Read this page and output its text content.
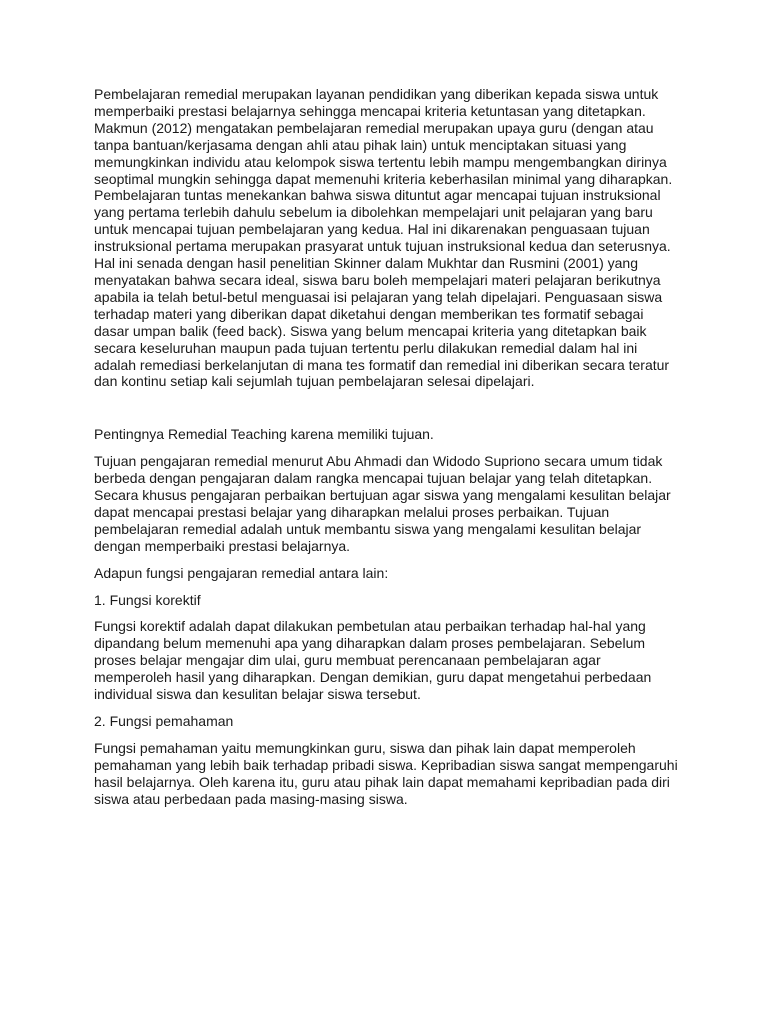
Pembelajaran remedial merupakan layanan pendidikan yang diberikan kepada siswa untuk memperbaiki prestasi belajarnya sehingga mencapai kriteria ketuntasan yang ditetapkan. Makmun (2012) mengatakan pembelajaran remedial merupakan upaya guru (dengan atau tanpa bantuan/kerjasama dengan ahli atau pihak lain) untuk menciptakan situasi yang memungkinkan individu atau kelompok siswa tertentu lebih mampu mengembangkan dirinya seoptimal mungkin sehingga dapat memenuhi kriteria keberhasilan minimal yang diharapkan. Pembelajaran tuntas menekankan bahwa siswa dituntut agar mencapai tujuan instruksional yang pertama terlebih dahulu sebelum ia dibolehkan mempelajari unit pelajaran yang baru untuk mencapai tujuan pembelajaran yang kedua. Hal ini dikarenakan penguasaan tujuan instruksional pertama merupakan prasyarat untuk tujuan instruksional kedua dan seterusnya. Hal ini senada dengan hasil penelitian Skinner dalam Mukhtar dan Rusmini (2001) yang menyatakan bahwa secara ideal, siswa baru boleh mempelajari materi pelajaran berikutnya apabila ia telah betul-betul menguasai isi pelajaran yang telah dipelajari. Penguasaan siswa terhadap materi yang diberikan dapat diketahui dengan memberikan tes formatif sebagai dasar umpan balik (feed back). Siswa yang belum mencapai kriteria yang ditetapkan baik secara keseluruhan maupun pada tujuan tertentu perlu dilakukan remedial dalam hal ini adalah remediasi berkelanjutan di mana tes formatif dan remedial ini diberikan secara teratur dan kontinu setiap kali sejumlah tujuan pembelajaran selesai dipelajari.

Pentingnya Remedial Teaching karena memiliki tujuan.

Tujuan pengajaran remedial menurut Abu Ahmadi dan Widodo Supriono secara umum tidak berbeda dengan pengajaran dalam rangka mencapai tujuan belajar yang telah ditetapkan. Secara khusus pengajaran perbaikan bertujuan agar siswa yang mengalami kesulitan belajar dapat mencapai prestasi belajar yang diharapkan melalui proses perbaikan. Tujuan pembelajaran remedial adalah untuk membantu siswa yang mengalami kesulitan belajar dengan memperbaiki prestasi belajarnya.

Adapun fungsi pengajaran remedial antara lain:

1. Fungsi korektif

Fungsi korektif adalah dapat dilakukan pembetulan atau perbaikan terhadap hal-hal yang dipandang belum memenuhi apa yang diharapkan dalam proses pembelajaran. Sebelum proses belajar mengajar dim ulai, guru membuat perencanaan pembelajaran agar memperoleh hasil yang diharapkan. Dengan demikian, guru dapat mengetahui perbedaan individual siswa dan kesulitan belajar siswa tersebut.

2. Fungsi pemahaman

Fungsi pemahaman yaitu memungkinkan guru, siswa dan pihak lain dapat memperoleh pemahaman yang lebih baik terhadap pribadi siswa. Kepribadian siswa sangat mempengaruhi hasil belajarnya. Oleh karena itu, guru atau pihak lain dapat memahami kepribadian pada diri siswa atau perbedaan pada masing-masing siswa.
